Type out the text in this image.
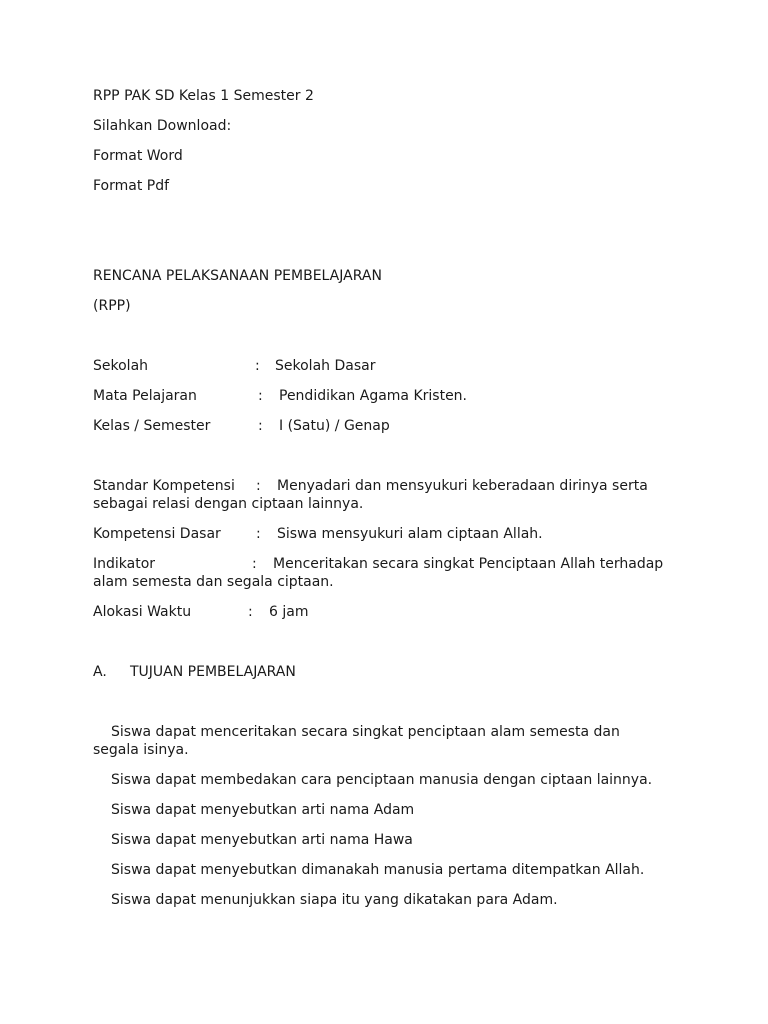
RPP PAK SD Kelas 1 Semester 2
Silahkan Download:
Format Word
Format Pdf
RENCANA PELAKSANAAN PEMBELAJARAN
(RPP)
Sekolah	: Sekolah Dasar
Mata Pelajaran	: Pendidikan Agama Kristen.
Kelas / Semester	: I (Satu) / Genap
Standar Kompetensi : Menyadari dan mensyukuri keberadaan dirinya serta
sebagai relasi dengan ciptaan lainnya.
Kompetensi Dasar	: Siswa mensyukuri alam ciptaan Allah.
Indikator	: Menceritakan secara singkat Penciptaan Allah terhadap
alam semesta dan segala ciptaan.
Alokasi Waktu	: 6 jam
A. TUJUAN PEMBELAJARAN
Siswa dapat menceritakan secara singkat penciptaan alam semesta dan
segala isinya.
Siswa dapat membedakan cara penciptaan manusia dengan ciptaan lainnya.
Siswa dapat menyebutkan arti nama Adam
Siswa dapat menyebutkan arti nama Hawa
Siswa dapat menyebutkan dimanakah manusia pertama ditempatkan Allah.
Siswa dapat menunjukkan siapa itu yang dikatakan para Adam.
